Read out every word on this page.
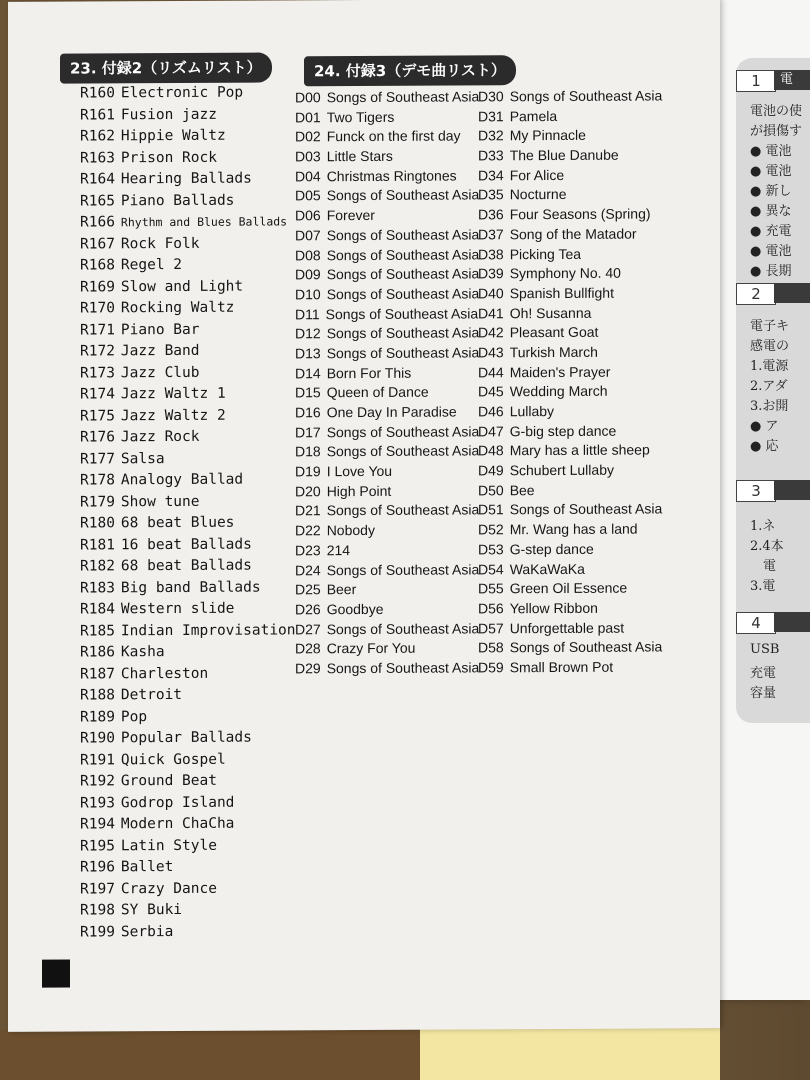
1	電
電池の使
が損傷す
● 電池
● 電池
● 新し
● 異な
● 充電
● 電池
● 長期
2
電子キ
感電の
1.電源
2.アダ
3.お開
● ア
● 応
3
1.ネ
2.4本
　電
3.電
4
USB
充電
容量
23. 付録2（リズムリスト）	24. 付録3（デモ曲リスト）
R160 Electronic Pop
R161 Fusion jazz
R162 Hippie Waltz
R163 Prison Rock
R164 Hearing Ballads
R165 Piano Ballads
R166 Rhythm and Blues Ballads
R167 Rock Folk
R168 Regel 2
R169 Slow and Light
R170 Rocking Waltz
R171 Piano Bar
R172 Jazz Band
R173 Jazz Club
R174 Jazz Waltz 1
R175 Jazz Waltz 2
R176 Jazz Rock
R177 Salsa
R178 Analogy Ballad
R179 Show tune
R180 68 beat Blues
R181 16 beat Ballads
R182 68 beat Ballads
R183 Big band Ballads
R184 Western slide
R185 Indian Improvisation
R186 Kasha
R187 Charleston
R188 Detroit
R189 Pop
R190 Popular Ballads
R191 Quick Gospel
R192 Ground Beat
R193 Godrop Island
R194 Modern ChaCha
R195 Latin Style
R196 Ballet
R197 Crazy Dance
R198 SY Buki
R199 Serbia
D00 Songs of Southeast Asia
D01 Two Tigers
D02 Funck on the first day
D03 Little Stars
D04 Christmas Ringtones
D05 Songs of Southeast Asia
D06 Forever
D07 Songs of Southeast Asia
D08 Songs of Southeast Asia
D09 Songs of Southeast Asia
D10 Songs of Southeast Asia
D11 Songs of Southeast Asia
D12 Songs of Southeast Asia
D13 Songs of Southeast Asia
D14 Born For This
D15 Queen of Dance
D16 One Day In Paradise
D17 Songs of Southeast Asia
D18 Songs of Southeast Asia
D19 I Love You
D20 High Point
D21 Songs of Southeast Asia
D22 Nobody
D23 214
D24 Songs of Southeast Asia
D25 Beer
D26 Goodbye
D27 Songs of Southeast Asia
D28 Crazy For You
D29 Songs of Southeast Asia
D30 Songs of Southeast Asia
D31 Pamela
D32 My Pinnacle
D33 The Blue Danube
D34 For Alice
D35 Nocturne
D36 Four Seasons (Spring)
D37 Song of the Matador
D38 Picking Tea
D39 Symphony No. 40
D40 Spanish Bullfight
D41 Oh! Susanna
D42 Pleasant Goat
D43 Turkish March
D44 Maiden's Prayer
D45 Wedding March
D46 Lullaby
D47 G-big step dance
D48 Mary has a little sheep
D49 Schubert Lullaby
D50 Bee
D51 Songs of Southeast Asia
D52 Mr. Wang has a land
D53 G-step dance
D54 WaKaWaKa
D55 Green Oil Essence
D56 Yellow Ribbon
D57 Unforgettable past
D58 Songs of Southeast Asia
D59 Small Brown Pot
